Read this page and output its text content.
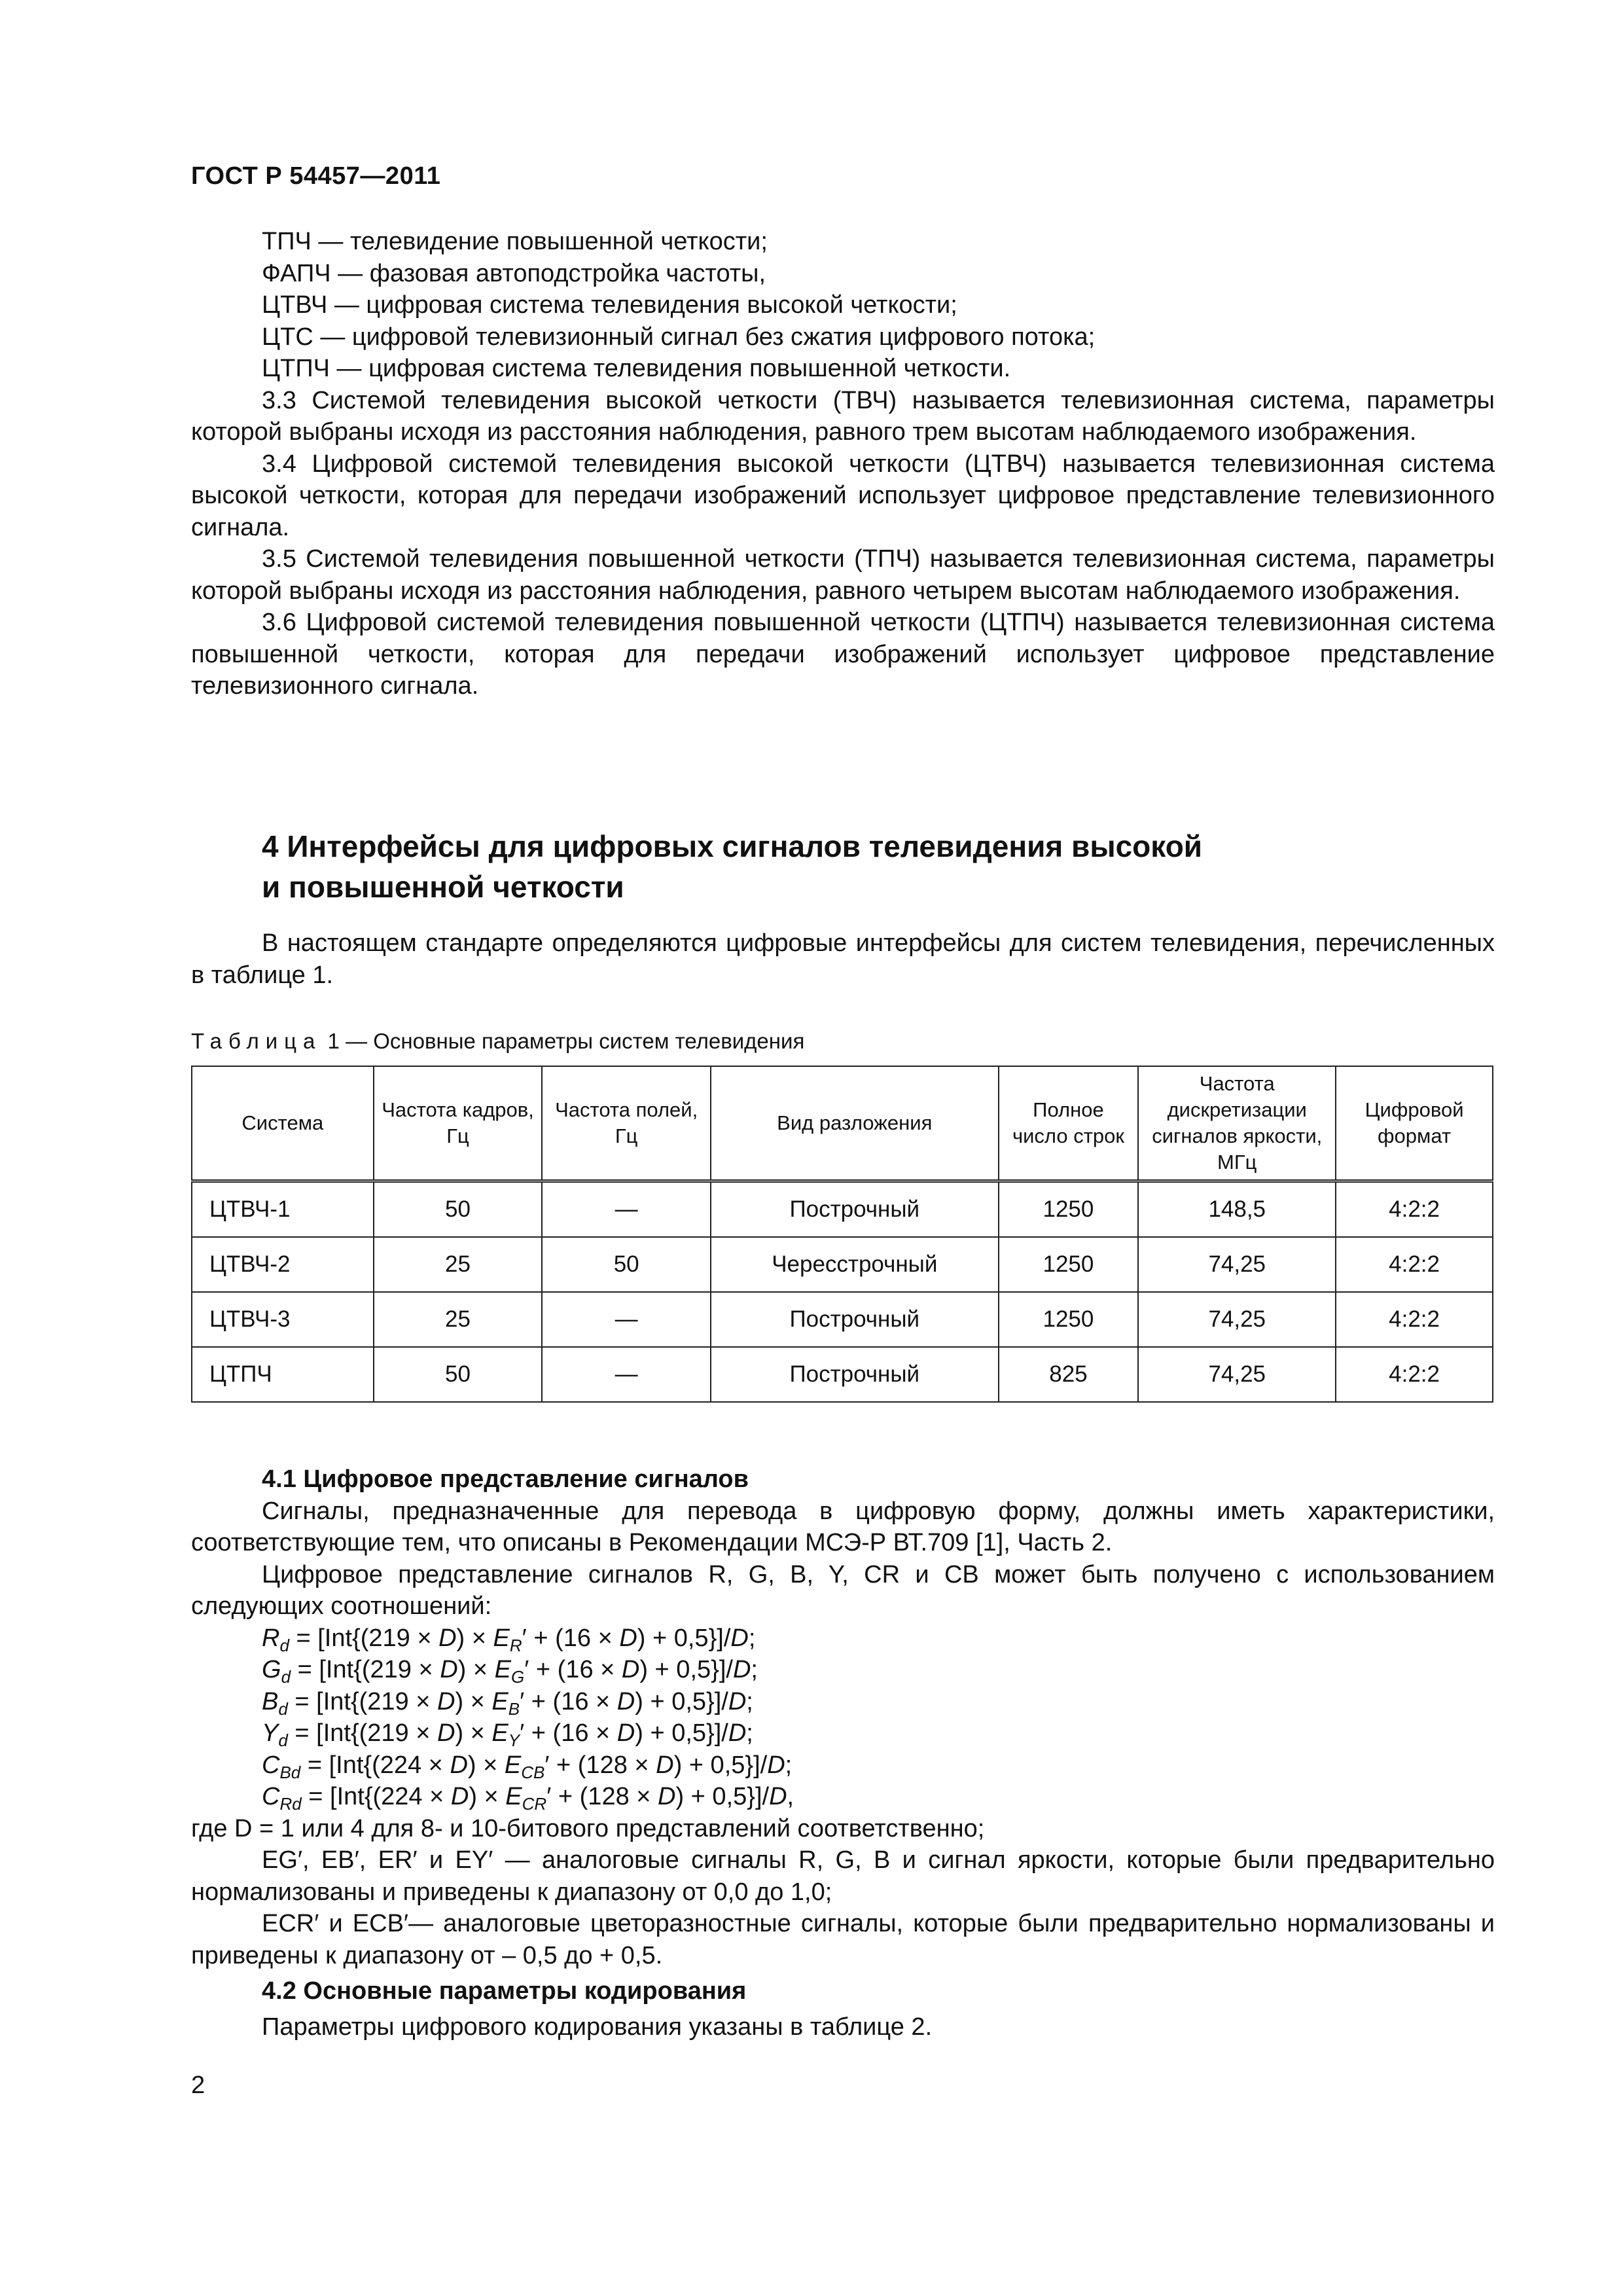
ГОСТ Р 54457—2011

ТПЧ — телевидение повышенной четкости;

ФАПЧ — фазовая автоподстройка частоты,

ЦТВЧ — цифровая система телевидения высокой четкости;

ЦТС — цифровой телевизионный сигнал без сжатия цифрового потока;

ЦТПЧ — цифровая система телевидения повышенной четкости.

3.3 Системой телевидения высокой четкости (ТВЧ) называется телевизионная система, параметры которой выбраны исходя из расстояния наблюдения, равного трем высотам наблюдаемого изображения.

3.4 Цифровой системой телевидения высокой четкости (ЦТВЧ) называется телевизионная система высокой четкости, которая для передачи изображений использует цифровое представление телевизионного сигнала.

3.5 Системой телевидения повышенной четкости (ТПЧ) называется телевизионная система, параметры которой выбраны исходя из расстояния наблюдения, равного четырем высотам наблюдаемого изображения.

3.6 Цифровой системой телевидения повышенной четкости (ЦТПЧ) называется телевизионная система повышенной четкости, которая для передачи изображений использует цифровое представление телевизионного сигнала.

4 Интерфейсы для цифровых сигналов телевидения высокой
и повышенной четкости

В настоящем стандарте определяются цифровые интерфейсы для систем телевидения, перечисленных в таблице 1.

Таблица 1 — Основные параметры систем телевидения
Система	Частота кадров, Гц	Частота полей, Гц	Вид разложения	Полное число строк	Частота дискретизации сигналов яркости, МГц	Цифровой формат
ЦТВЧ-1	50	—	Построчный	1250	148,5	4:2:2
ЦТВЧ-2	25	50	Чересстрочный	1250	74,25	4:2:2
ЦТВЧ-3	25	—	Построчный	1250	74,25	4:2:2
ЦТПЧ	50	—	Построчный	825	74,25	4:2:2

4.1 Цифровое представление сигналов

Сигналы, предназначенные для перевода в цифровую форму, должны иметь характеристики, соответствующие тем, что описаны в Рекомендации МСЭ-Р ВТ.709 [1], Часть 2.

Цифровое представление сигналов R, G, B, Y, CR и CB может быть получено с использованием следующих соотношений:

$R_d = [Int\{(219 \times D) \times E_R' + (16 \times D) + 0,5\}]/D$;
$G_d = [Int\{(219 \times D) \times E_G' + (16 \times D) + 0,5\}]/D$;
$B_d = [Int\{(219 \times D) \times E_B' + (16 \times D) + 0,5\}]/D$;
$Y_d = [Int\{(219 \times D) \times E_Y' + (16 \times D) + 0,5\}]/D$;
$C_{Bd} = [Int\{(224 \times D) \times E_{CB}' + (128 \times D) + 0,5\}]/D$;
$C_{Rd} = [Int\{(224 \times D) \times E_{CR}' + (128 \times D) + 0,5\}]/D$,

где D = 1 или 4 для 8- и 10-битового представлений соответственно;

EG′, EB′, ER′ и EY′ — аналоговые сигналы R, G, B и сигнал яркости, которые были предварительно нормализованы и приведены к диапазону от 0,0 до 1,0;

ECR′ и ECB′— аналоговые цветоразностные сигналы, которые были предварительно нормализованы и приведены к диапазону от – 0,5 до + 0,5.

4.2 Основные параметры кодирования

Параметры цифрового кодирования указаны в таблице 2.

2
